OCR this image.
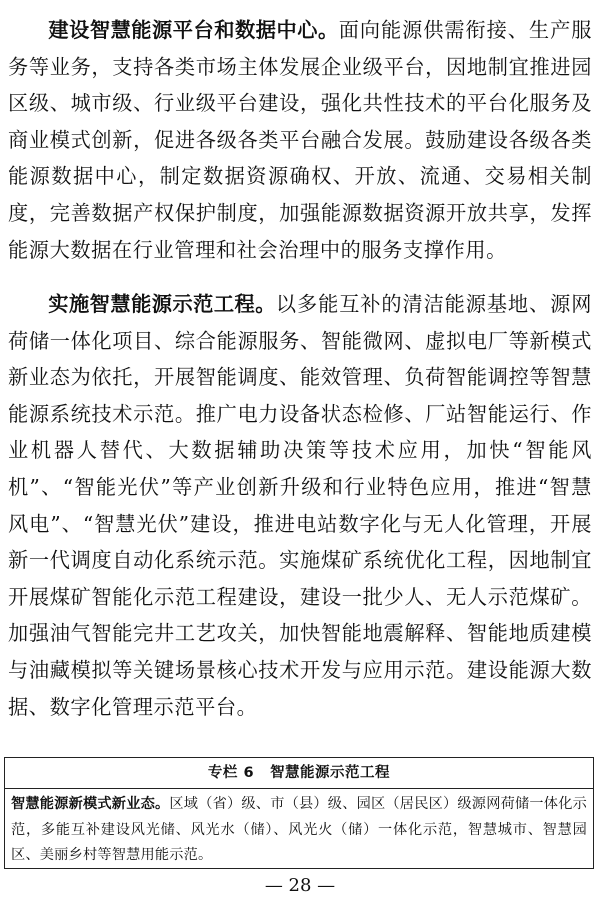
建设智慧能源平台和数据中心。面向能源供需衔接、生产服务等业务，支持各类市场主体发展企业级平台，因地制宜推进园区级、城市级、行业级平台建设，强化共性技术的平台化服务及商业模式创新，促进各级各类平台融合发展。鼓励建设各级各类能源数据中心，制定数据资源确权、开放、流通、交易相关制度，完善数据产权保护制度，加强能源数据资源开放共享，发挥能源大数据在行业管理和社会治理中的服务支撑作用。

实施智慧能源示范工程。以多能互补的清洁能源基地、源网荷储一体化项目、综合能源服务、智能微网、虚拟电厂等新模式新业态为依托，开展智能调度、能效管理、负荷智能调控等智慧能源系统技术示范。推广电力设备状态检修、厂站智能运行、作业机器人替代、大数据辅助决策等技术应用，加快“智能风机”、“智能光伏”等产业创新升级和行业特色应用，推进“智慧风电”、“智慧光伏”建设，推进电站数字化与无人化管理，开展新一代调度自动化系统示范。实施煤矿系统优化工程，因地制宜开展煤矿智能化示范工程建设，建设一批少人、无人示范煤矿。加强油气智能完井工艺攻关，加快智能地震解释、智能地质建模与油藏模拟等关键场景核心技术开发与应用示范。建设能源大数据、数字化管理示范平台。

专栏 6 智慧能源示范工程

智慧能源新模式新业态。区域（省）级、市（县）级、园区（居民区）级源网荷储一体化示范，多能互补建设风光储、风光水（储）、风光火（储）一体化示范，智慧城市、智慧园区、美丽乡村等智慧用能示范。

— 28 —
